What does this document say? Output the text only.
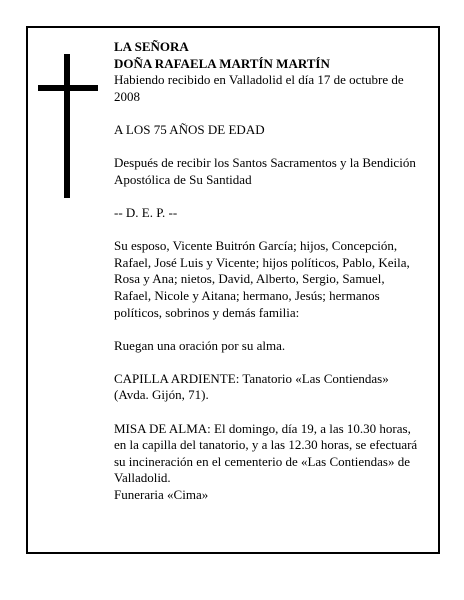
LA SEÑORA

DOÑA RAFAELA MARTÍN MARTÍN

Habiendo recibido en Valladolid el día 17 de octubre de 2008

A LOS 75 AÑOS DE EDAD

Después de recibir los Santos Sacramentos y la Bendición Apostólica de Su Santidad

-- D. E. P. --

Su esposo, Vicente Buitrón García; hijos, Concepción, Rafael, José Luis y Vicente; hijos políticos, Pablo, Keila, Rosa y Ana; nietos, David, Alberto, Sergio, Samuel, Rafael, Nicole y Aitana; hermano, Jesús; hermanos políticos, sobrinos y demás familia:

Ruegan una oración por su alma.

CAPILLA ARDIENTE: Tanatorio «Las Contiendas» (Avda. Gijón, 71).

MISA DE ALMA: El domingo, día 19, a las 10.30 horas, en la capilla del tanatorio, y a las 12.30 horas, se efectuará su incineración en el cementerio de «Las Contiendas» de Valladolid.

Funeraria «Cima»
